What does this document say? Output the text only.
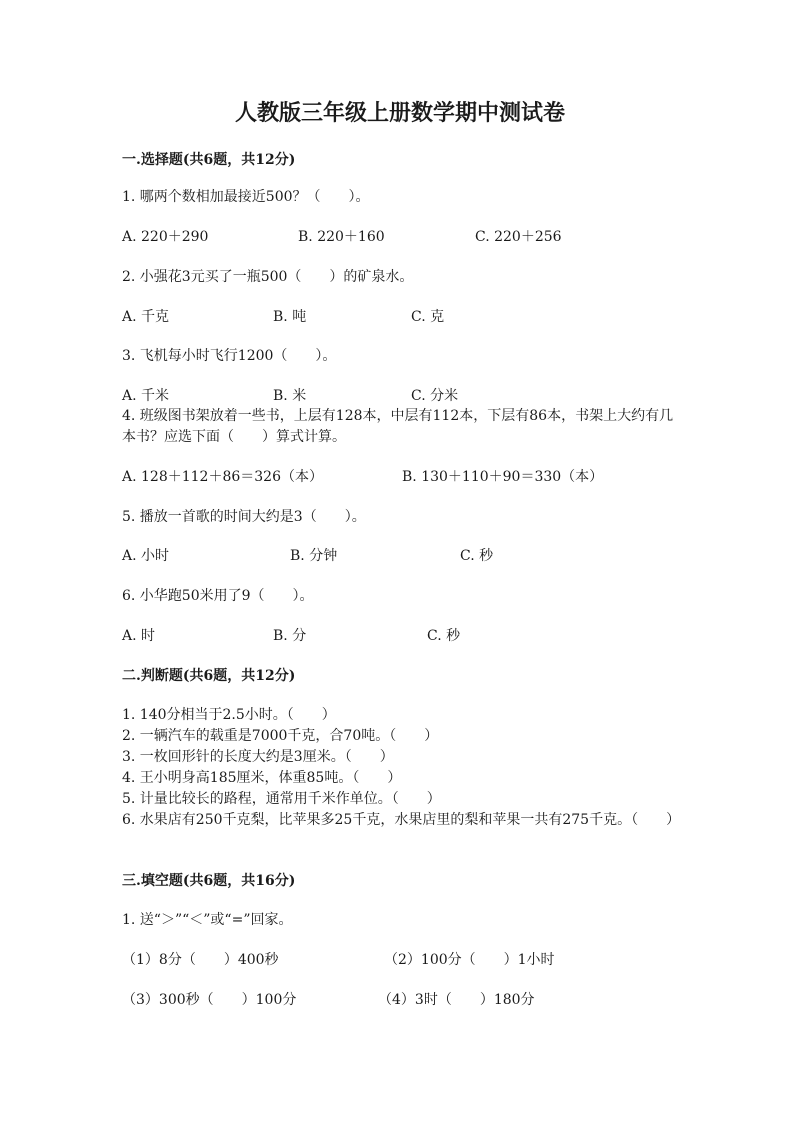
人教版三年级上册数学期中测试卷
一.选择题(共6题，共12分)
1. 哪两个数相加最接近500？（　　）。
A. 220＋290	B. 220＋160	C. 220＋256
2. 小强花3元买了一瓶500（　　）的矿泉水。
A. 千克	B. 吨	C. 克
3. 飞机每小时飞行1200（　　）。
A. 千米	B. 米	C. 分米
4. 班级图书架放着一些书，上层有128本，中层有112本，下层有86本，书架上大约有几本书？应选下面（　　）算式计算。
A. 128＋112＋86＝326（本）	B. 130＋110＋90＝330（本）
5. 播放一首歌的时间大约是3（　　）。
A. 小时	B. 分钟	C. 秒
6. 小华跑50米用了9（　　）。
A. 时	B. 分	C. 秒
二.判断题(共6题，共12分)
1. 140分相当于2.5小时。（　　）
2. 一辆汽车的载重是7000千克，合70吨。（　　）
3. 一枚回形针的长度大约是3厘米。（　　）
4. 王小明身高185厘米，体重85吨。（　　）
5. 计量比较长的路程，通常用千米作单位。（　　）
6. 水果店有250千克梨，比苹果多25千克，水果店里的梨和苹果一共有275千克。（　　）
三.填空题(共6题，共16分)
1. 送“＞”“＜”或“=”回家。
（1）8分（　　）400秒	（2）100分（　　）1小时
（3）300秒（　　）100分	（4）3时（　　）180分
